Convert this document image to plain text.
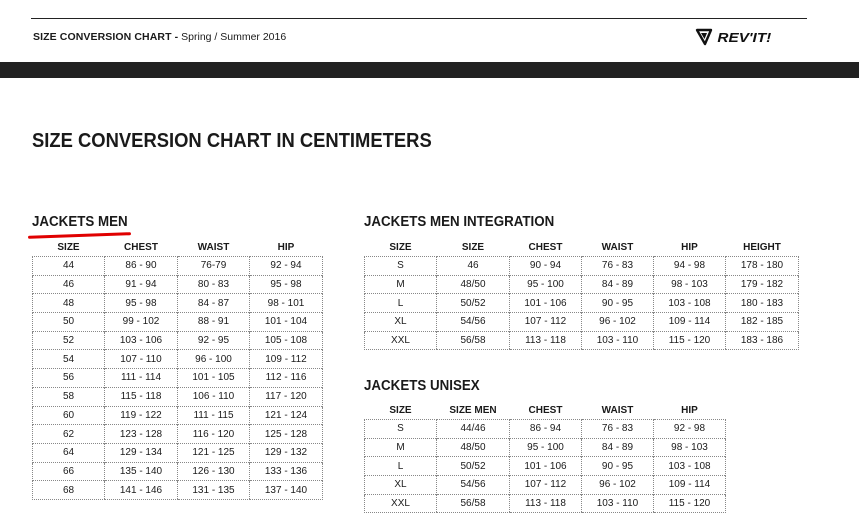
SIZE CONVERSION CHART - Spring / Summer 2016	REV'IT!
SIZE CONVERSION CHART IN CENTIMETERS
JACKETS MEN	JACKETS MEN INTEGRATION
JACKETS UNISEX
SIZE	CHEST	WAIST	HIP
44	86 - 90	76-79	92 - 94
46	91 - 94	80 - 83	95 - 98
48	95 - 98	84 - 87	98 - 101
50	99 - 102	88 - 91	101 - 104
52	103 - 106	92 - 95	105 - 108
54	107 - 110	96 - 100	109 - 112
56	111 - 114	101 - 105	112 - 116
58	115 - 118	106 - 110	117 - 120
60	119 - 122	111 - 115	121 - 124
62	123 - 128	116 - 120	125 - 128
64	129 - 134	121 - 125	129 - 132
66	135 - 140	126 - 130	133 - 136
68	141 - 146	131 - 135	137 - 140
SIZE	SIZE	CHEST	WAIST	HIP	HEIGHT
S	46	90 - 94	76 - 83	94 - 98	178 - 180
M	48/50	95 - 100	84 - 89	98 - 103	179 - 182
L	50/52	101 - 106	90 - 95	103 - 108	180 - 183
XL	54/56	107 - 112	96 - 102	109 - 114	182 - 185
XXL	56/58	113 - 118	103 - 110	115 - 120	183 - 186
SIZE	SIZE MEN	CHEST	WAIST	HIP
S	44/46	86 - 94	76 - 83	92 - 98
M	48/50	95 - 100	84 - 89	98 - 103
L	50/52	101 - 106	90 - 95	103 - 108
XL	54/56	107 - 112	96 - 102	109 - 114
XXL	56/58	113 - 118	103 - 110	115 - 120
